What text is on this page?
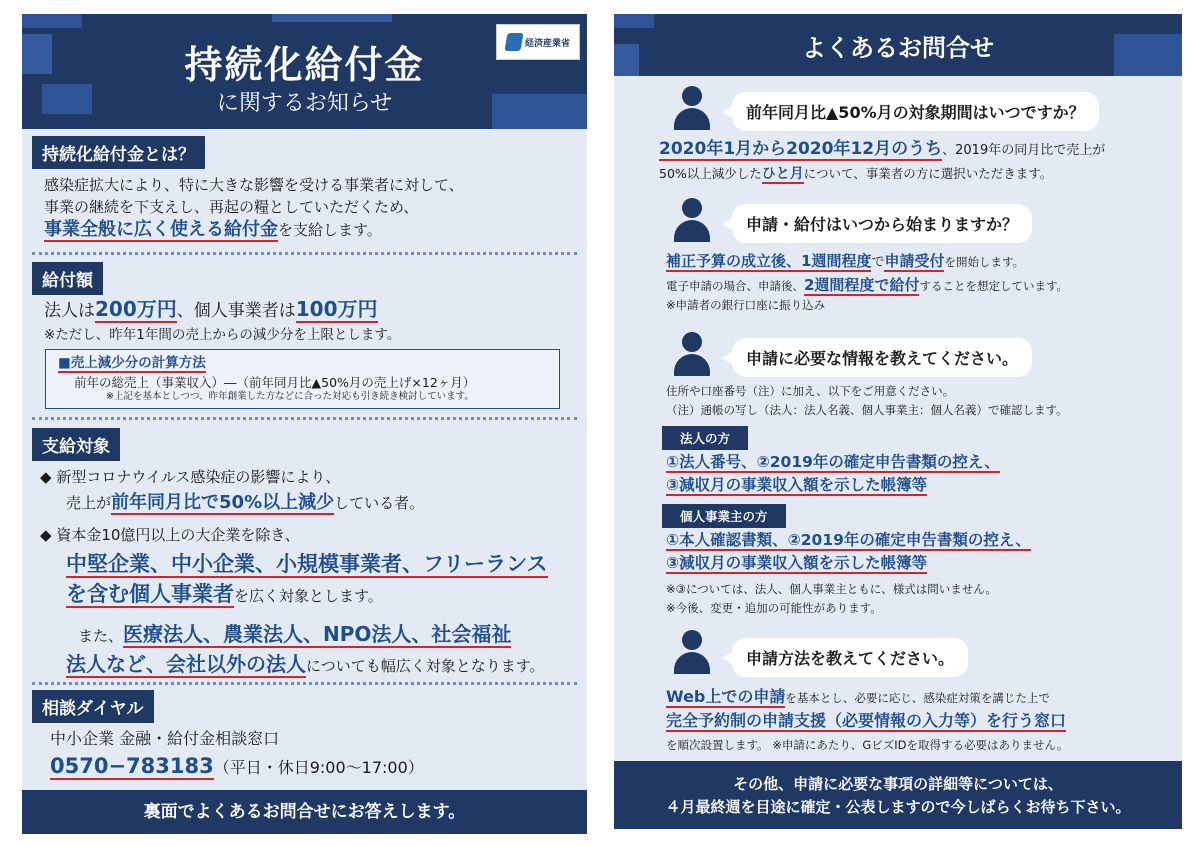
持続化給付金
に関するお知らせ
経済産業省
持続化給付金とは？
感染症拡大により、特に大きな影響を受ける事業者に対して、
事業の継続を下支えし、再起の糧としていただくため、
事業全般に広く使える給付金を支給します。
給付額
法人は200万円、個人事業者は100万円
※ただし、昨年1年間の売上からの減少分を上限とします。
■売上減少分の計算方法
前年の総売上（事業収入）―（前年同月比▲50%月の売上げ×12ヶ月）
※上記を基本としつつ、昨年創業した方などに合った対応も引き続き検討しています。
支給対象
◆ 新型コロナウイルス感染症の影響により、
売上が前年同月比で50%以上減少している者。
◆ 資本金10億円以上の大企業を除き、
中堅企業、中小企業、小規模事業者、フリーランス
を含む個人事業者を広く対象とします。
また、医療法人、農業法人、NPO法人、社会福祉
法人など、会社以外の法人についても幅広く対象となります。
相談ダイヤル
中小企業 金融・給付金相談窓口
0570−783183（平日・休日9:00〜17:00）
裏面でよくあるお問合せにお答えします。
よくあるお問合せ
前年同月比▲50%月の対象期間はいつですか？
2020年1月から2020年12月のうち、2019年の同月比で売上が
50%以上減少したひと月について、事業者の方に選択いただきます。
申請・給付はいつから始まりますか？
補正予算の成立後、1週間程度で申請受付を開始します。
電子申請の場合、申請後、2週間程度で給付することを想定しています。
※申請者の銀行口座に振り込み
申請に必要な情報を教えてください。
住所や口座番号（注）に加え、以下をご用意ください。
（注）通帳の写し（法人：法人名義、個人事業主：個人名義）で確認します。
法人の方
①法人番号、②2019年の確定申告書類の控え、
③減収月の事業収入額を示した帳簿等
個人事業主の方
①本人確認書類、②2019年の確定申告書類の控え、
③減収月の事業収入額を示した帳簿等
※③については、法人、個人事業主ともに、様式は問いません。
※今後、変更・追加の可能性があります。
申請方法を教えてください。
Web上での申請を基本とし、必要に応じ、感染症対策を講じた上で
完全予約制の申請支援（必要情報の入力等）を行う窓口
を順次設置します。 ※申請にあたり、GビズIDを取得する必要はありません。
その他、申請に必要な事項の詳細等については、
４月最終週を目途に確定・公表しますので今しばらくお待ち下さい。
